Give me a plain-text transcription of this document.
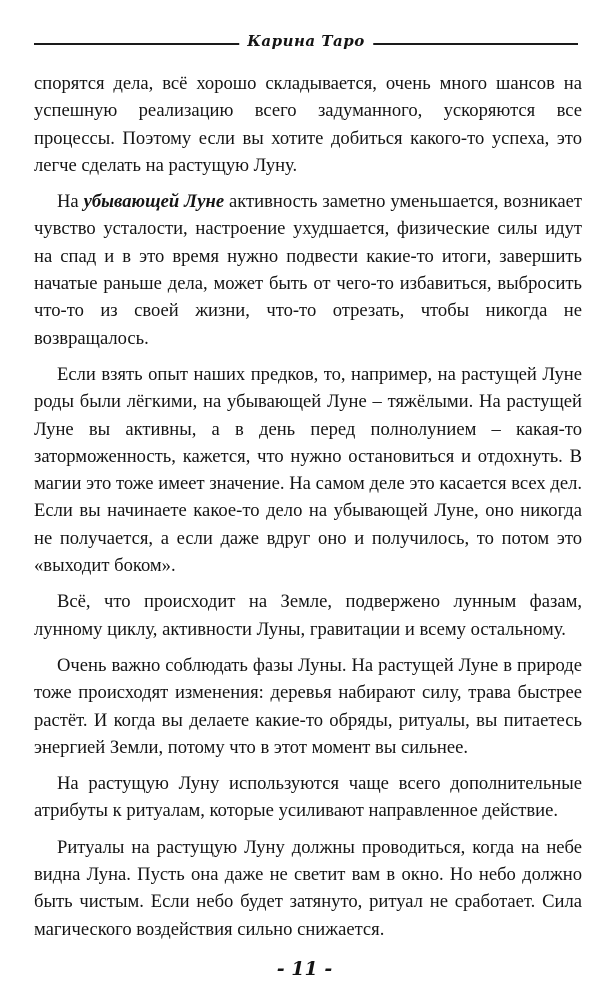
Карина Таро

спорятся дела, всё хорошо складывается, очень много шансов на успешную реализацию всего задуманного, ускоряются все процессы. Поэтому если вы хотите добиться какого-то успеха, это легче сделать на растущую Луну.

На убывающей Луне активность заметно уменьшается, возникает чувство усталости, настроение ухудшается, физические силы идут на спад и в это время нужно подвести какие-то итоги, завершить начатые раньше дела, может быть от чего-то избавиться, выбросить что-то из своей жизни, что-то отрезать, чтобы никогда не возвращалось.

Если взять опыт наших предков, то, например, на растущей Луне роды были лёгкими, на убывающей Луне – тяжёлыми. На растущей Луне вы активны, а в день перед полнолунием – какая-то заторможенность, кажется, что нужно остановиться и отдохнуть. В магии это тоже имеет значение. На самом деле это касается всех дел. Если вы начинаете какое-то дело на убывающей Луне, оно никогда не получается, а если даже вдруг оно и получилось, то потом это «выходит боком».

Всё, что происходит на Земле, подвержено лунным фазам, лунному циклу, активности Луны, гравитации и всему остальному.

Очень важно соблюдать фазы Луны. На растущей Луне в природе тоже происходят изменения: деревья набирают силу, трава быстрее растёт. И когда вы делаете какие-то обряды, ритуалы, вы питаетесь энергией Земли, потому что в этот момент вы сильнее.

На растущую Луну используются чаще всего дополнительные атрибуты к ритуалам, которые усиливают направленное действие.

Ритуалы на растущую Луну должны проводиться, когда на небе видна Луна. Пусть она даже не светит вам в окно. Но небо должно быть чистым. Если небо будет затянуто, ритуал не сработает. Сила магического воздействия сильно снижается.

- 11 -
